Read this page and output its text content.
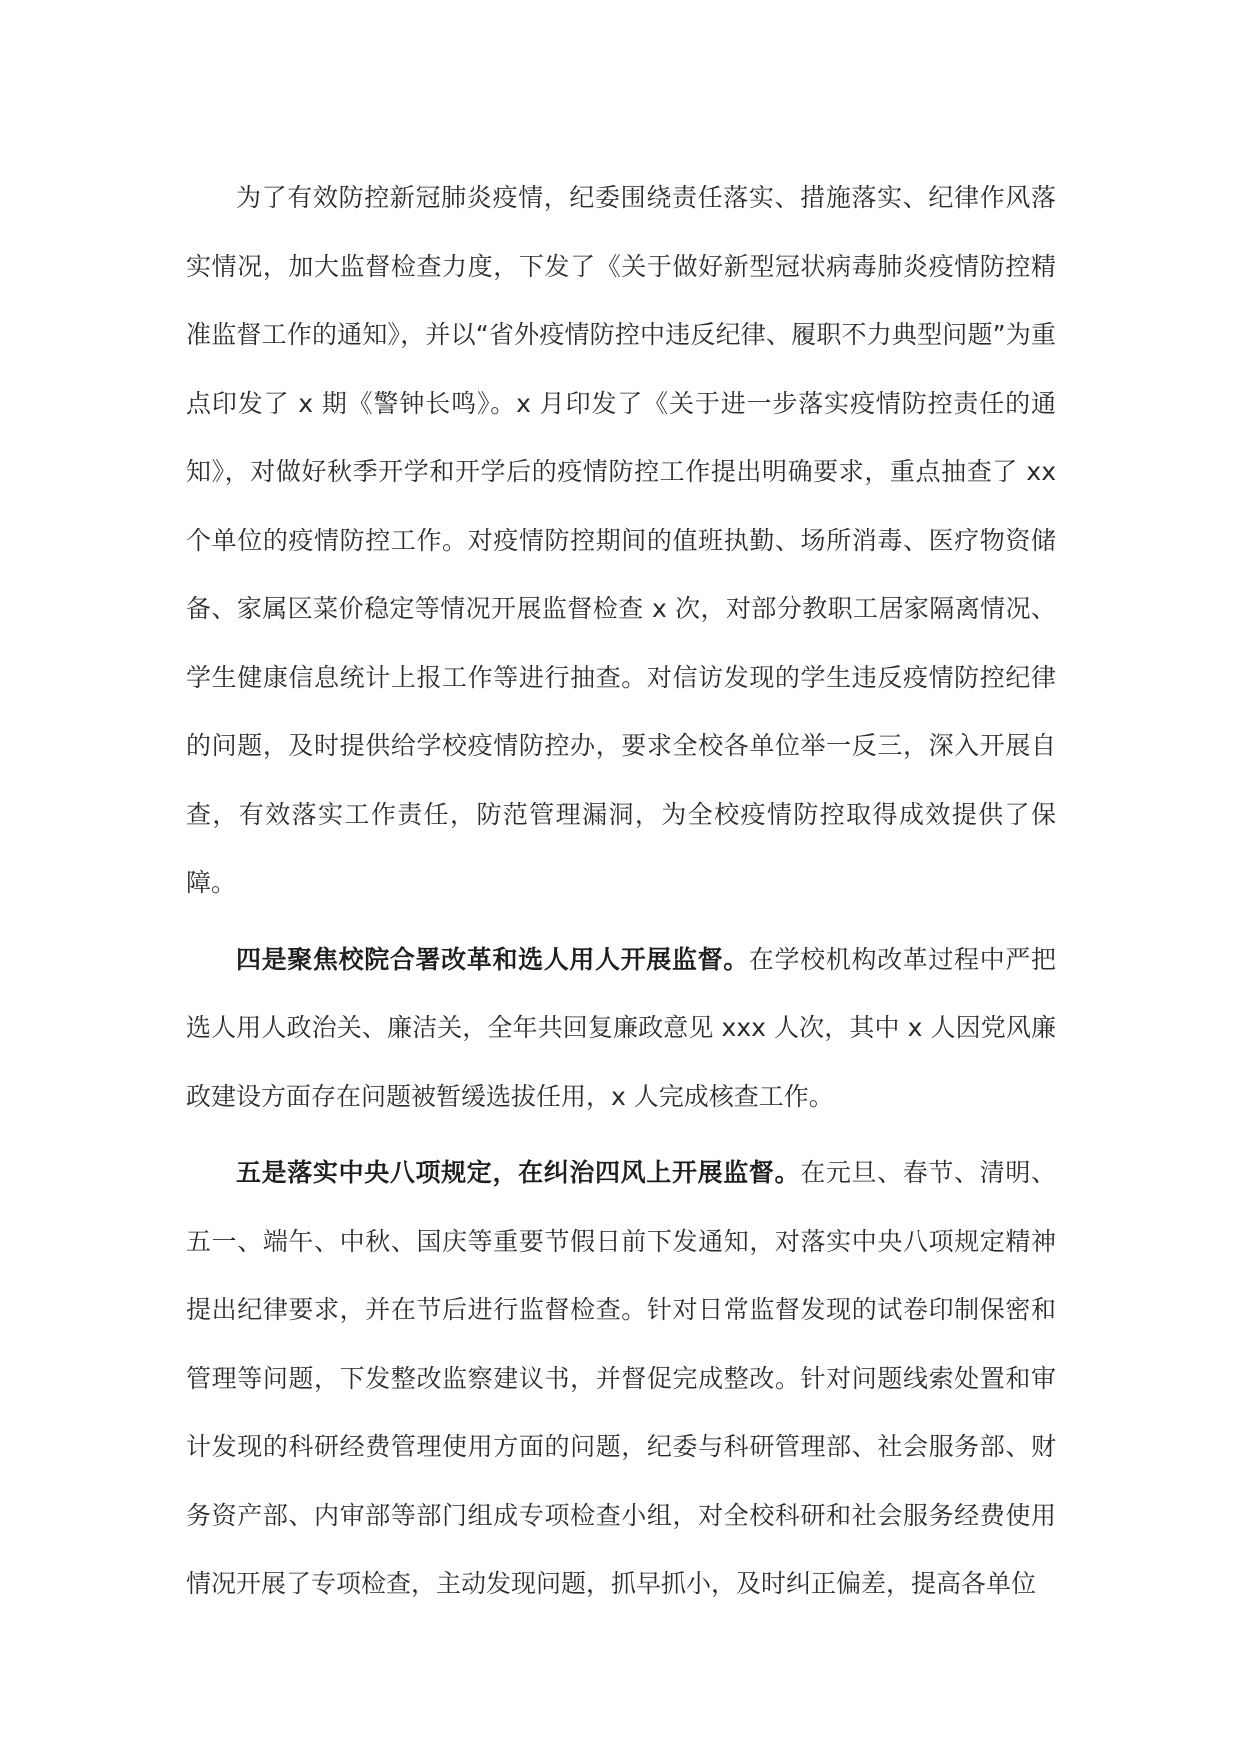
为了有效防控新冠肺炎疫情，纪委围绕责任落实、措施落实、纪律作风落实情况，加大监督检查力度，下发了《关于做好新型冠状病毒肺炎疫情防控精准监督工作的通知》，并以“省外疫情防控中违反纪律、履职不力典型问题”为重点印发了 x 期《警钟长鸣》。x 月印发了《关于进一步落实疫情防控责任的通知》，对做好秋季开学和开学后的疫情防控工作提出明确要求，重点抽查了 xx 个单位的疫情防控工作。对疫情防控期间的值班执勤、场所消毒、医疗物资储备、家属区菜价稳定等情况开展监督检查 x 次，对部分教职工居家隔离情况、学生健康信息统计上报工作等进行抽查。对信访发现的学生违反疫情防控纪律的问题，及时提供给学校疫情防控办，要求全校各单位举一反三，深入开展自查，有效落实工作责任，防范管理漏洞，为全校疫情防控取得成效提供了保障。

四是聚焦校院合署改革和选人用人开展监督。在学校机构改革过程中严把选人用人政治关、廉洁关，全年共回复廉政意见 xxx 人次，其中 x 人因党风廉政建设方面存在问题被暂缓选拔任用，x 人完成核查工作。

五是落实中央八项规定，在纠治四风上开展监督。在元旦、春节、清明、五一、端午、中秋、国庆等重要节假日前下发通知，对落实中央八项规定精神提出纪律要求，并在节后进行监督检查。针对日常监督发现的试卷印制保密和管理等问题，下发整改监察建议书，并督促完成整改。针对问题线索处置和审计发现的科研经费管理使用方面的问题，纪委与科研管理部、社会服务部、财务资产部、内审部等部门组成专项检查小组，对全校科研和社会服务经费使用情况开展了专项检查，主动发现问题，抓早抓小，及时纠正偏差，提高各单位
